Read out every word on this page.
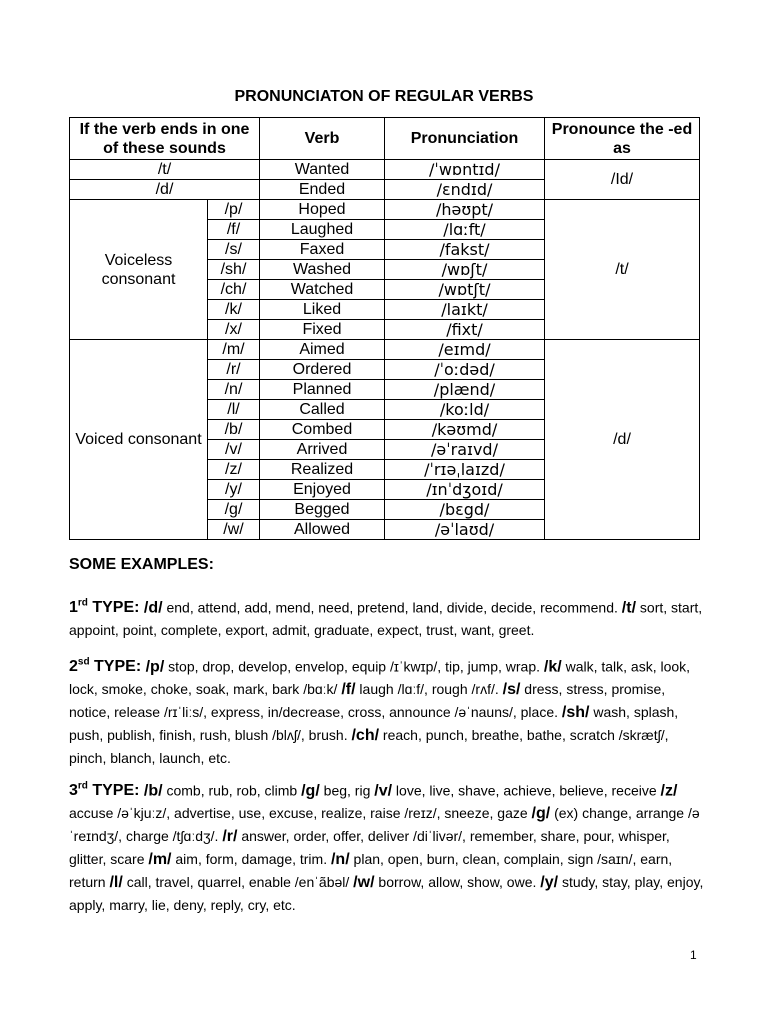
PRONUNCIATON OF REGULAR VERBS
If the verb ends in one of these sounds		Verb	Pronunciation	Pronounce the -ed as
/t/		Wanted	/ˈwɒntɪd/	/Id/
/d/		Ended	/ɛndɪd/	
Voiceless consonant	/p/	Hoped	/həʊpt/	/t/
	/f/	Laughed	/lɑːft/	
	/s/	Faxed	/fakst/	
	/sh/	Washed	/wɒʃt/	
	/ch/	Watched	/wɒtʃt/	
	/k/	Liked	/laɪkt/	
	/x/	Fixed	/fixt/	
Voiced consonant	/m/	Aimed	/eɪmd/	/d/
	/r/	Ordered	/ˈoːdəd/	
	/n/	Planned	/plænd/	
	/l/	Called	/koːld/	
	/b/	Combed	/kəʊmd/	
	/v/	Arrived	/əˈraɪvd/	
	/z/	Realized	/ˈrɪəˌlaɪzd/	
	/y/	Enjoyed	/ɪnˈdʒoɪd/	
	/g/	Begged	/bɛgd/	
	/w/	Allowed	/əˈlaʊd/	
SOME EXAMPLES:
1rd TYPE: /d/ end, attend, add, mend, need, pretend, land, divide, decide, recommend. /t/ sort, start, appoint, point, complete, export, admit, graduate, expect, trust, want, greet.
$2^{sd}$ TYPE: /p/ stop, drop, develop, envelop, equip /ɪˈkwɪp/, tip, jump, wrap. /k/ walk, talk, ask, look, lock, smoke, choke, soak, mark, bark /bɑːk/ /f/ laugh /lɑːf/, rough /rʌf/. /s/ dress, stress, promise, notice, release /rɪˈliːs/, express, in/decrease, cross, announce /əˈnauns/, place. /sh/ wash, splash, push, publish, finish, rush, blush /blʌʃ/, brush. /ch/ reach, punch, breathe, bathe, scratch /skrætʃ/, pinch, blanch, launch, etc.
3rd TYPE: /b/ comb, rub, rob, climb /g/ beg, rig /v/ love, live, shave, achieve, believe, receive /z/ accuse /əˈkjuːz/, advertise, use, excuse, realize, raise /reɪz/, sneeze, gaze /g/ (ex) change, arrange /əˈreɪndʒ/, charge /tʃɑːdʒ/. /r/ answer, order, offer, deliver /diˈlivər/, remember, share, pour, whisper, glitter, scare /m/ aim, form, damage, trim. /n/ plan, open, burn, clean, complain, sign /saɪn/, earn, return /l/ call, travel, quarrel, enable /enˈãbəl/ /w/ borrow, allow, show, owe. /y/ study, stay, play, enjoy, apply, marry, lie, deny, reply, cry, etc.
1
